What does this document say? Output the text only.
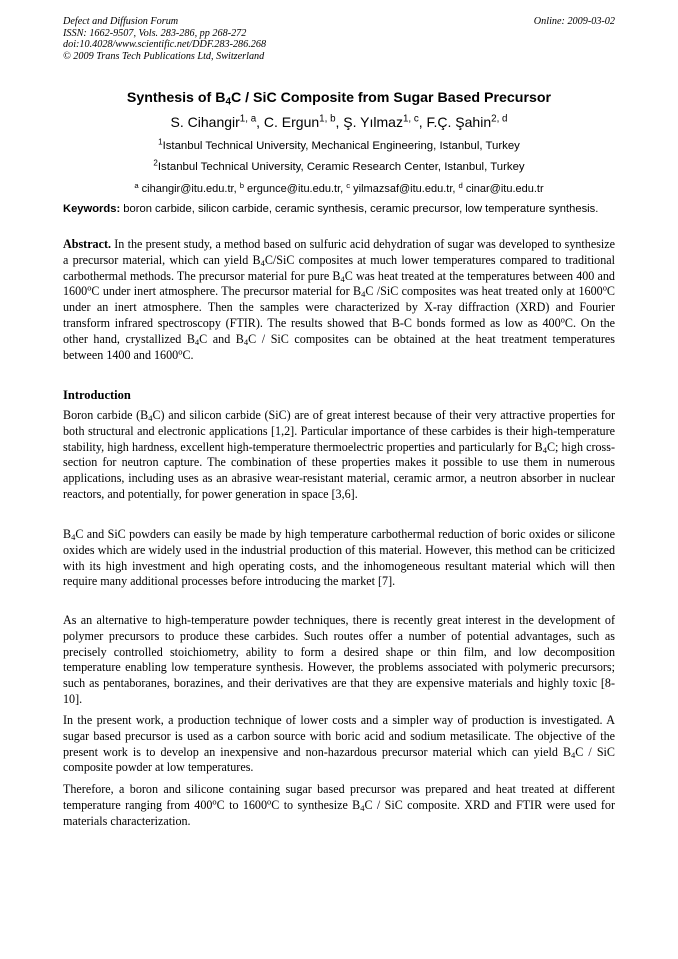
Defect and Diffusion Forum
ISSN: 1662-9507, Vols. 283-286, pp 268-272
doi:10.4028/www.scientific.net/DDF.283-286.268
© 2009 Trans Tech Publications Ltd, Switzerland
Online: 2009-03-02
Synthesis of $B_4C$ / SiC Composite from Sugar Based Precursor
S. Cihangir$^{1, a}$, C. Ergun$^{1, b}$, Ş. Yılmaz$^{1, c}$, F.Ç. Şahin$^{2, d}$
$^1$Istanbul Technical University, Mechanical Engineering, Istanbul, Turkey
$^2$Istanbul Technical University, Ceramic Research Center, Istanbul, Turkey
$^a$ cihangir@itu.edu.tr, $^b$ ergunce@itu.edu.tr, $^c$ yilmazsaf@itu.edu.tr, $^d$ cinar@itu.edu.tr
Keywords: boron carbide, silicon carbide, ceramic synthesis, ceramic precursor, low temperature synthesis.
Abstract. In the present study, a method based on sulfuric acid dehydration of sugar was developed to synthesize a precursor material, which can yield $B_4C$/SiC composites at much lower temperatures compared to traditional carbothermal methods. The precursor material for pure $B_4C$ was heat treated at the temperatures between 400 and 1600$^o$C under inert atmosphere. The precursor material for $B_4C$ /SiC composites was heat treated only at 1600$^o$C under an inert atmosphere. Then the samples were characterized by X-ray diffraction (XRD) and Fourier transform infrared spectroscopy (FTIR). The results showed that B-C bonds formed as low as 400$^o$C. On the other hand, crystallized $B_4C$ and $B_4C$ / SiC composites can be obtained at the heat treatment temperatures between 1400 and 1600$^o$C.
Introduction
Boron carbide $(B_4C)$ and silicon carbide (SiC) are of great interest because of their very attractive properties for both structural and electronic applications [1,2]. Particular importance of these carbides is their high-temperature stability, high hardness, excellent high-temperature thermoelectric properties and particularly for $B_4C$; high cross-section for neutron capture. The combination of these properties makes it possible to use them in numerous applications, including uses as an abrasive wear-resistant material, ceramic armor, a neutron absorber in nuclear reactors, and potentially, for power generation in space [3,6].
$B_4C$ and SiC powders can easily be made by high temperature carbothermal reduction of boric oxides or silicone oxides which are widely used in the industrial production of this material. However, this method can be criticized with its high investment and high operating costs, and the inhomogeneous resultant material which will then require many additional processes before introducing the market [7].
As an alternative to high-temperature powder techniques, there is recently great interest in the development of polymer precursors to produce these carbides. Such routes offer a number of potential advantages, such as precisely controlled stoichiometry, ability to form a desired shape or thin film, and low decomposition temperature enabling low temperature synthesis. However, the problems associated with polymeric precursors; such as pentaboranes, borazines, and their derivatives are that they are expensive materials and highly toxic [8-10].
In the present work, a production technique of lower costs and a simpler way of production is investigated. A sugar based precursor is used as a carbon source with boric acid and sodium metasilicate. The objective of the present work is to develop an inexpensive and non-hazardous precursor material which can yield $B_4C$ / SiC composite powder at low temperatures.
Therefore, a boron and silicone containing sugar based precursor was prepared and heat treated at different temperature ranging from 400$^o$C to 1600$^o$C to synthesize $B_4C$ / SiC composite. XRD and FTIR were used for materials characterization.
